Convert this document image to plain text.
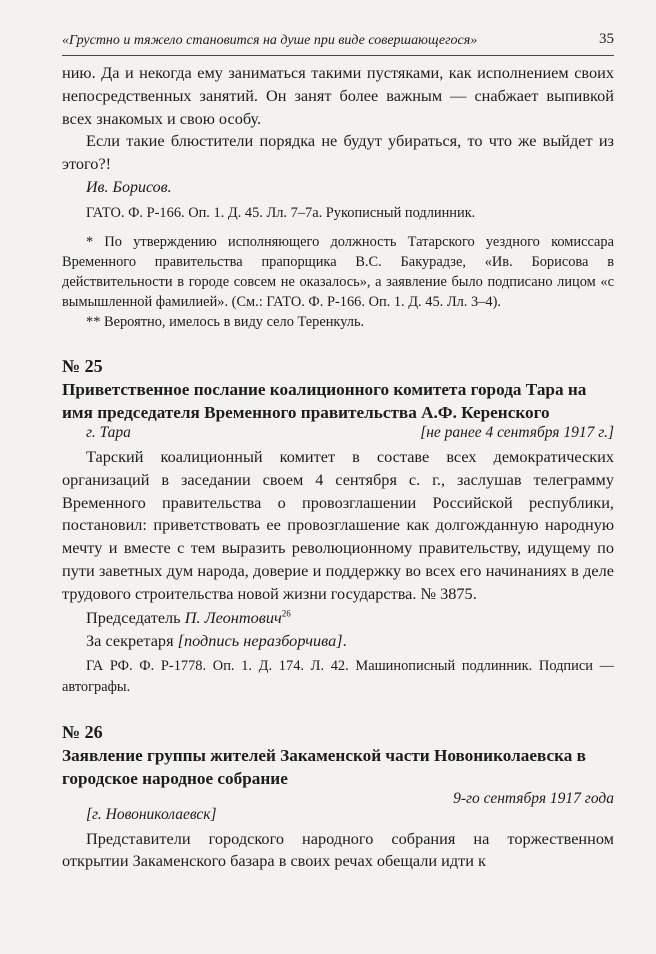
«Грустно и тяжело становится на душе при виде совершающегося»	35

нию. Да и некогда ему заниматься такими пустяками, как исполнением своих непосредственных занятий. Он занят более важным — снабжает выпивкой всех знакомых и свою особу.

Если такие блюстители порядка не будут убираться, то что же выйдет из этого?!

Ив. Борисов.

ГАТО. Ф. Р-166. Оп. 1. Д. 45. Лл. 7–7а. Рукописный подлинник.

* По утверждению исполняющего должность Татарского уездного комиссара Временного правительства прапорщика В.С. Бакурадзе, «Ив. Борисова в действительности в городе совсем не оказалось», а заявление было подписано лицом «с вымышленной фамилией». (См.: ГАТО. Ф. Р-166. Оп. 1. Д. 45. Лл. 3–4).

** Вероятно, имелось в виду село Теренкуль.

№ 25

Приветственное послание коалиционного комитета города Тара на имя председателя Временного правительства А.Ф. Керенского

г. Тара	[не ранее 4 сентября 1917 г.]

Тарский коалиционный комитет в составе всех демократических организаций в заседании своем 4 сентября с. г., заслушав телеграмму Временного правительства о провозглашении Российской республики, постановил: приветствовать ее провозглашение как долгожданную народную мечту и вместе с тем выразить революционному правительству, идущему по пути заветных дум народа, доверие и поддержку во всех его начинаниях в деле трудового строительства новой жизни государства. № 3875.

Председатель П. Леонтович$^{26}$

За секретаря [подпись неразборчива].

ГА РФ. Ф. Р-1778. Оп. 1. Д. 174. Л. 42. Машинописный подлинник. Подписи — автографы.

№ 26

Заявление группы жителей Закаменской части Новониколаевска в городское народное собрание

9-го сентября 1917 года
[г. Новониколаевск]

Представители городского народного собрания на торжественном открытии Закаменского базара в своих речах обещали идти к
